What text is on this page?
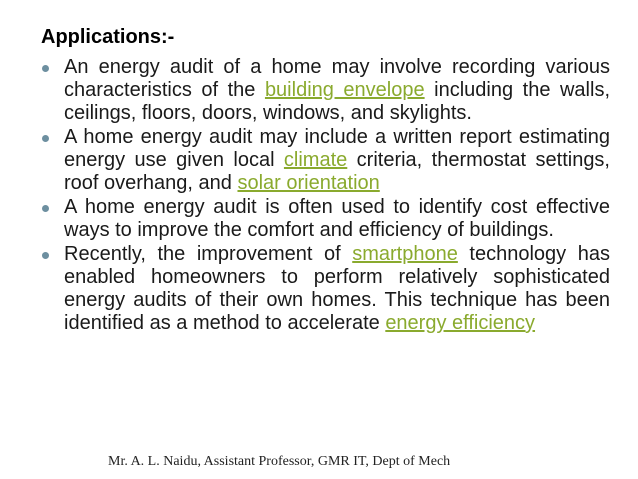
Applications:-
An energy audit of a home may involve recording various characteristics of the building envelope including the walls, ceilings, floors, doors, windows, and skylights.
A home energy audit may include a written report estimating energy use given local climate criteria, thermostat settings, roof overhang, and solar orientation
A home energy audit is often used to identify cost effective ways to improve the comfort and efficiency of buildings.
Recently, the improvement of smartphone technology has enabled homeowners to perform relatively sophisticated energy audits of their own homes. This technique has been identified as a method to accelerate energy efficiency
Mr. A. L. Naidu, Assistant Professor, GMR IT, Dept of Mech
